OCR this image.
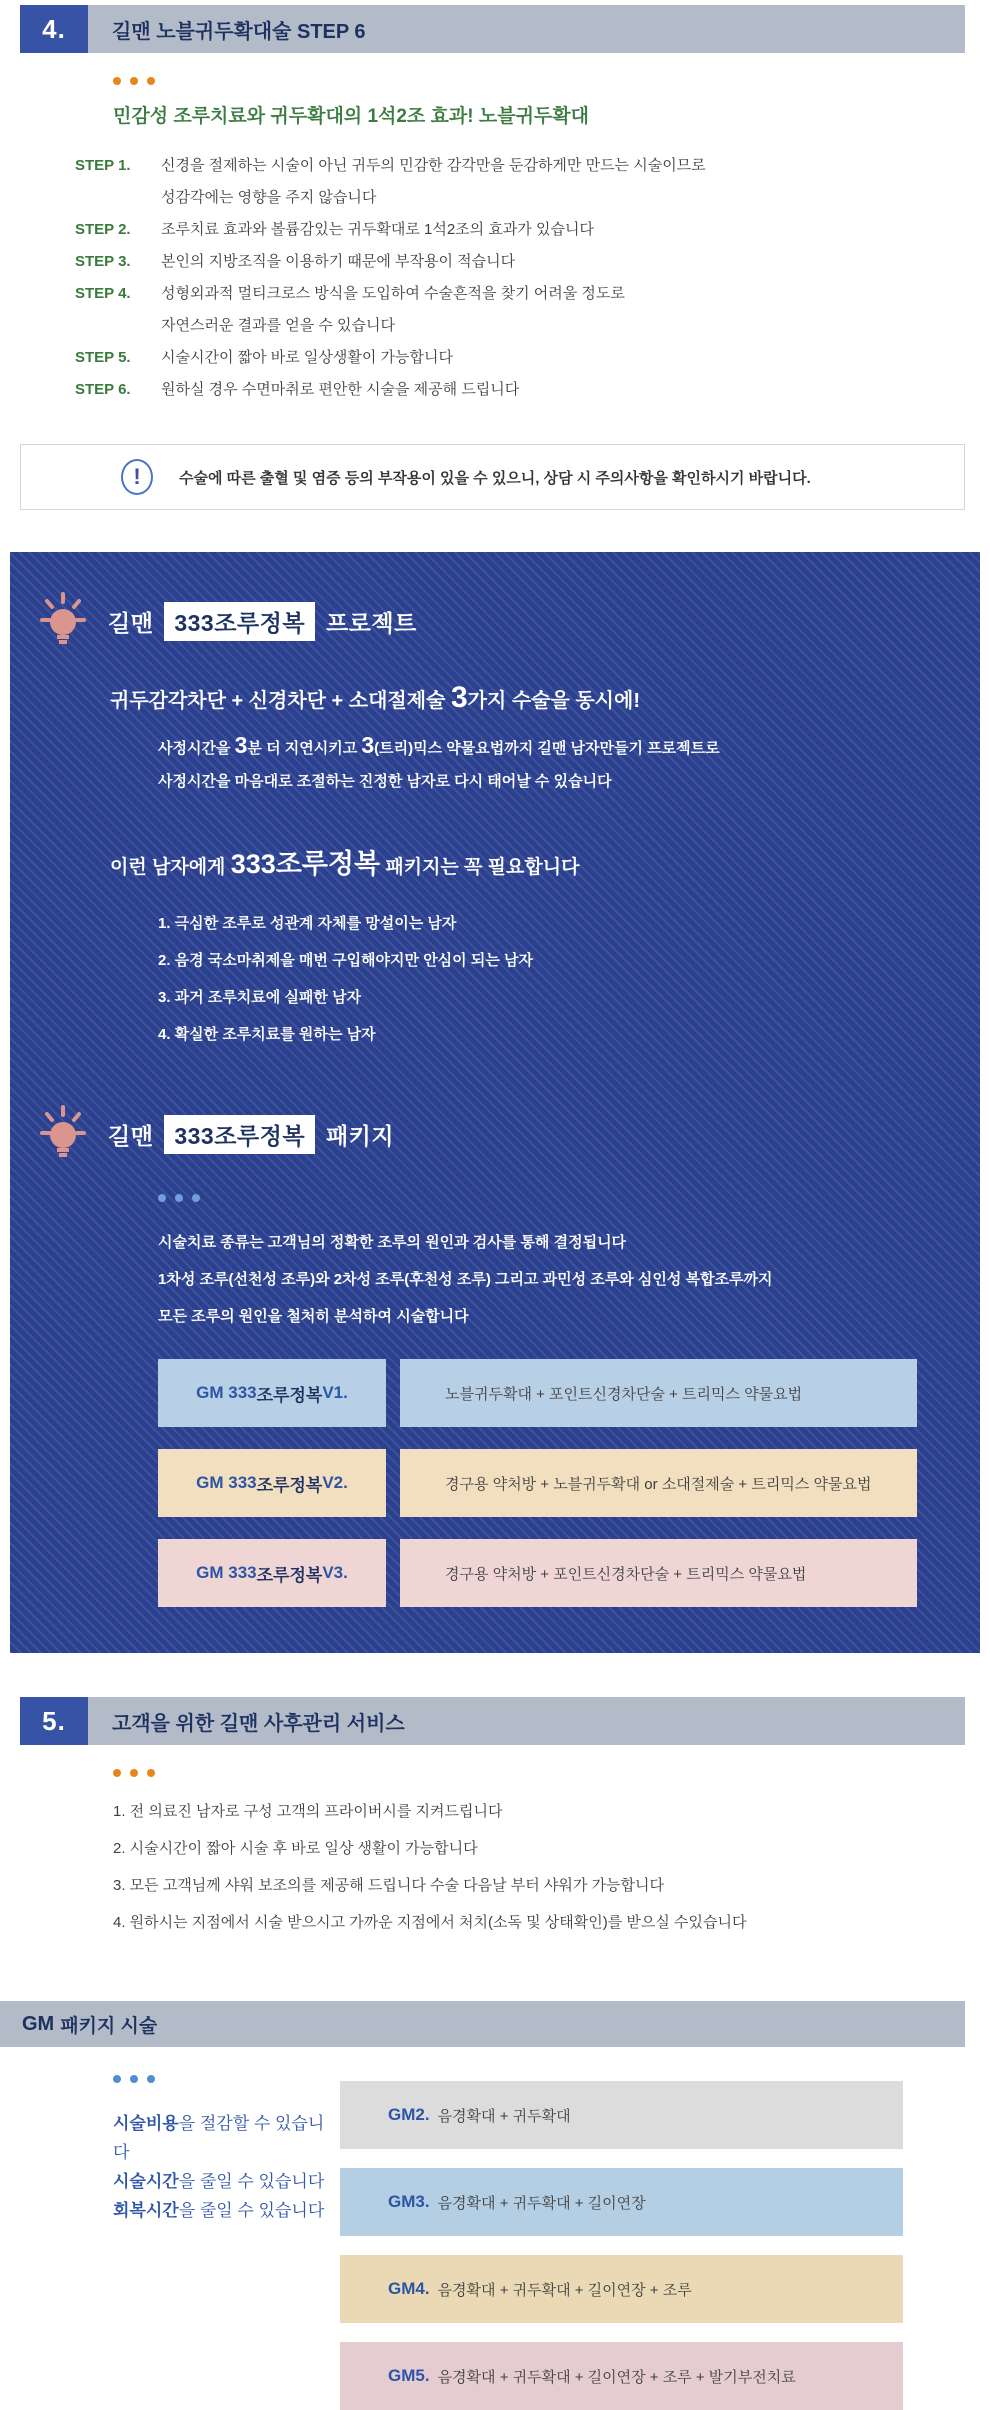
4.	길맨 노블귀두확대술 STEP 6
민감성 조루치료와 귀두확대의 1석2조 효과! 노블귀두확대
STEP 1.	신경을 절제하는 시술이 아닌 귀두의 민감한 감각만을 둔감하게만 만드는 시술이므로
성감각에는 영향을 주지 않습니다
STEP 2.	조루치료 효과와 볼륨감있는 귀두확대로 1석2조의 효과가 있습니다
STEP 3.	본인의 지방조직을 이용하기 때문에 부작용이 적습니다
STEP 4.	성형외과적 멀티크로스 방식을 도입하여 수술흔적을 찾기 어려울 정도로
자연스러운 결과를 얻을 수 있습니다
STEP 5.	시술시간이 짧아 바로 일상생활이 가능합니다
STEP 6.	원하실 경우 수면마취로 편안한 시술을 제공해 드립니다
!	수술에 따른 출혈 및 염증 등의 부작용이 있을 수 있으니, 상담 시 주의사항을 확인하시기 바랍니다.
길맨 333조루정복 프로젝트
귀두감각차단 + 신경차단 + 소대절제술 3가지 수술을 동시에!
사정시간을 3분 더 지연시키고 3(트리)믹스 약물요법까지 길맨 남자만들기 프로젝트로
사정시간을 마음대로 조절하는 진정한 남자로 다시 태어날 수 있습니다
이런 남자에게 333조루정복 패키지는 꼭 필요합니다
1. 극심한 조루로 성관계 자체를 망설이는 남자
2. 음경 국소마취제을 매번 구입해야지만 안심이 되는 남자
3. 과거 조루치료에 실패한 남자
4. 확실한 조루치료를 원하는 남자
길맨 333조루정복 패키지
시술치료 종류는 고객님의 정확한 조루의 원인과 검사를 통해 결정됩니다
1차성 조루(선천성 조루)와 2차성 조루(후천성 조루) 그리고 과민성 조루와 심인성 복합조루까지
모든 조루의 원인을 철처히 분석하여 시술합니다
GM 333 조루정복 V1.	노블귀두확대 + 포인트신경차단술 + 트리믹스 약물요법
GM 333 조루정복 V2.	경구용 약처방 + 노블귀두확대 or 소대절제술 + 트리믹스 약물요법
GM 333 조루정복 V3.	경구용 약처방 + 포인트신경차단술 + 트리믹스 약물요법
5.	고객을 위한 길맨 사후관리 서비스
1. 전 의료진 남자로 구성 고객의 프라이버시를 지켜드립니다
2. 시술시간이 짧아 시술 후 바로 일상 생활이 가능합니다
3. 모든 고객님께 샤워 보조의를 제공해 드립니다 수술 다음날 부터 샤워가 가능합니다
4. 원하시는 지점에서 시술 받으시고 가까운 지점에서 처치(소독 및 상태확인)를 받으실 수있습니다
GM 패키지 시술
시술비용을 절감할 수 있습니다
시술시간을 줄일 수 있습니다
회복시간을 줄일 수 있습니다
GM2. 음경확대 + 귀두확대
GM3. 음경확대 + 귀두확대 + 길이연장
GM4. 음경확대 + 귀두확대 + 길이연장 + 조루
GM5. 음경확대 + 귀두확대 + 길이연장 + 조루 + 발기부전치료
